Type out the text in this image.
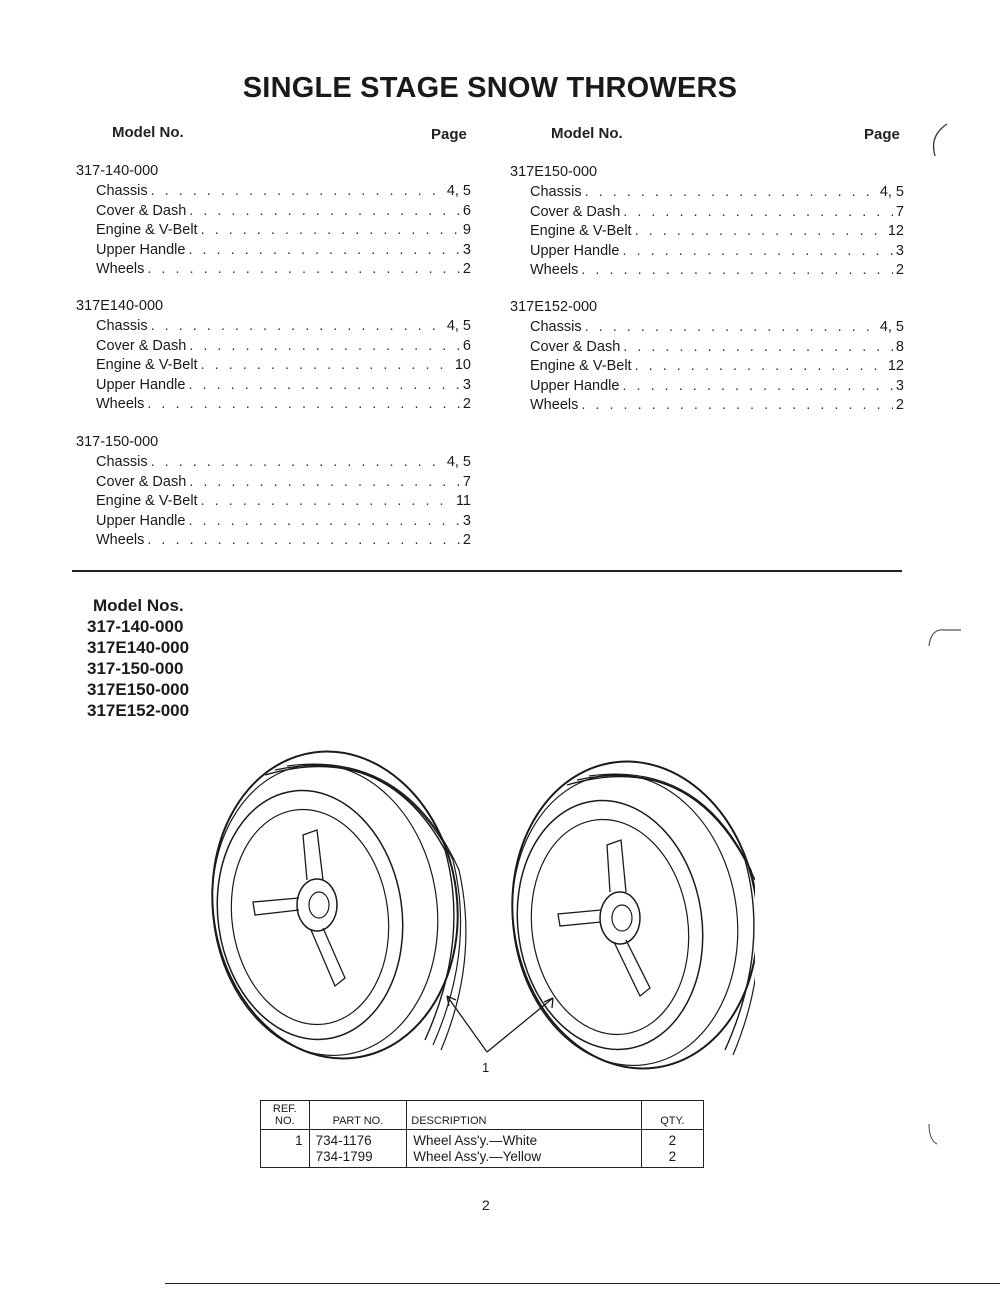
SINGLE STAGE SNOW THROWERS
Model No.	Page	Model No.	Page
317-140-000
Chassis . . .	4, 5
Cover & Dash . . .	6
Engine & V-Belt . . .	9
Upper Handle . . .	3
Wheels . . .	2
317E140-000
Chassis . . .	4, 5
Cover & Dash . . .	6
Engine & V-Belt . . .	10
Upper Handle . . .	3
Wheels . . .	2
317-150-000
Chassis . . .	4, 5
Cover & Dash . . .	7
Engine & V-Belt . . .	11
Upper Handle . . .	3
Wheels . . .	2
317E150-000
Chassis . . .	4, 5
Cover & Dash . . .	7
Engine & V-Belt . . .	12
Upper Handle . . .	3
Wheels . . .	2
317E152-000
Chassis . . .	4, 5
Cover & Dash . . .	8
Engine & V-Belt . . .	12
Upper Handle . . .	3
Wheels . . .	2
Model Nos.
317-140-000
317E140-000
317-150-000
317E150-000
317E152-000
1
REF. NO.	PART NO.	DESCRIPTION	QTY.
1	734-1176	Wheel Ass'y.—White	2
	734-1799	Wheel Ass'y.—Yellow	2
2
